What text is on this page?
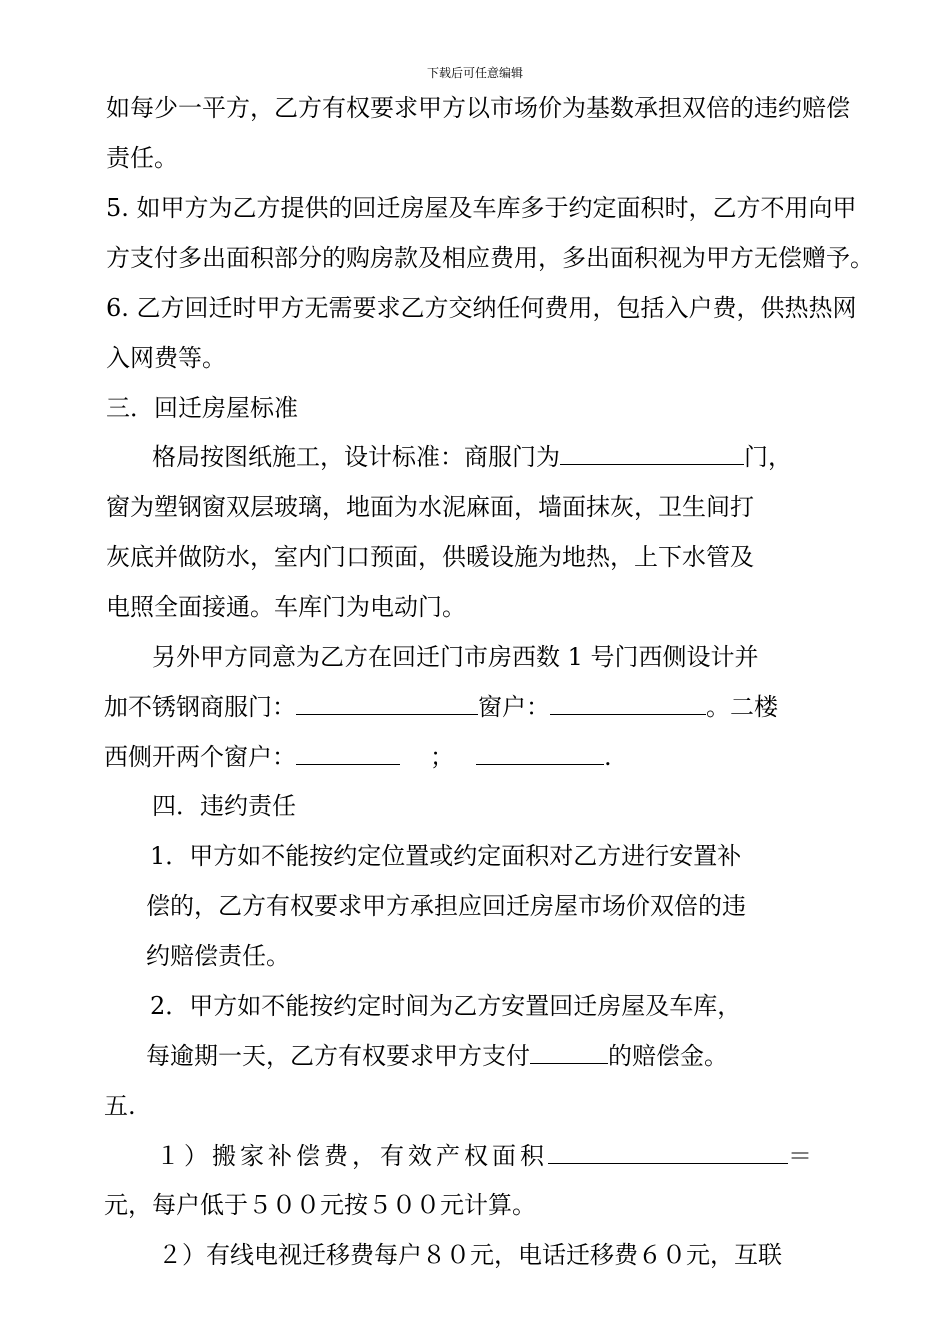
下载后可任意编辑
如每少一平方，乙方有权要求甲方以市场价为基数承担双倍的违约赔偿
责任。
5. 如甲方为乙方提供的回迁房屋及车库多于约定面积时，乙方不用向甲
方支付多出面积部分的购房款及相应费用，多出面积视为甲方无偿赠予。
6. 乙方回迁时甲方无需要求乙方交纳任何费用，包括入户费，供热热网
入网费等。
三．回迁房屋标准
格局按图纸施工，设计标准：商服门为	门，
窗为塑钢窗双层玻璃，地面为水泥麻面，墙面抹灰，卫生间打
灰底并做防水，室内门口预面，供暖设施为地热，上下水管及
电照全面接通。车库门为电动门。
另外甲方同意为乙方在回迁门市房西数 1 号门西侧设计并
加不锈钢商服门：	窗户：	。二楼
西侧开两个窗户：	；	.
四．违约责任
1．甲方如不能按约定位置或约定面积对乙方进行安置补
偿的，乙方有权要求甲方承担应回迁房屋市场价双倍的违
约赔偿责任。
2．甲方如不能按约定时间为乙方安置回迁房屋及车库，
每逾期一天，乙方有权要求甲方支付	的赔偿金。
五.
１）搬家补偿费，有效产权面积	＝
元，每户低于５００元按５００元计算。
２）有线电视迁移费每户８０元，电话迁移费６０元，互联
